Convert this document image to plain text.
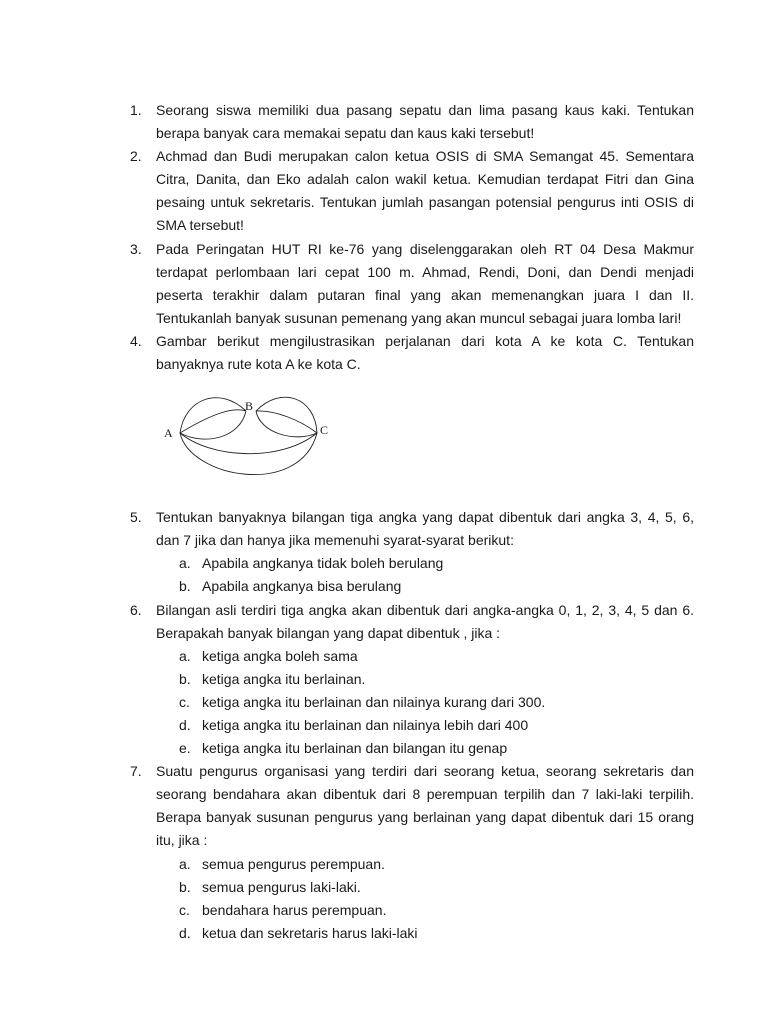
1. Seorang siswa memiliki dua pasang sepatu dan lima pasang kaus kaki. Tentukan berapa banyak cara memakai sepatu dan kaus kaki tersebut!
2. Achmad dan Budi merupakan calon ketua OSIS di SMA Semangat 45. Sementara Citra, Danita, dan Eko adalah calon wakil ketua. Kemudian terdapat Fitri dan Gina pesaing untuk sekretaris. Tentukan jumlah pasangan potensial pengurus inti OSIS di SMA tersebut!
3. Pada Peringatan HUT RI ke-76 yang diselenggarakan oleh RT 04 Desa Makmur terdapat perlombaan lari cepat 100 m. Ahmad, Rendi, Doni, dan Dendi menjadi peserta terakhir dalam putaran final yang akan memenangkan juara I dan II. Tentukanlah banyak susunan pemenang yang akan muncul sebagai juara lomba lari!
4. Gambar berikut mengilustrasikan perjalanan dari kota A ke kota C. Tentukan banyaknya rute kota A ke kota C.
A
B
C
5. Tentukan banyaknya bilangan tiga angka yang dapat dibentuk dari angka 3, 4, 5, 6, dan 7 jika dan hanya jika memenuhi syarat-syarat berikut:
a. Apabila angkanya tidak boleh berulang
b. Apabila angkanya bisa berulang
6. Bilangan asli terdiri tiga angka akan dibentuk dari angka-angka 0, 1, 2, 3, 4, 5 dan 6. Berapakah banyak bilangan yang dapat dibentuk , jika :
a. ketiga angka boleh sama
b. ketiga angka itu berlainan.
c. ketiga angka itu berlainan dan nilainya kurang dari 300.
d. ketiga angka itu berlainan dan nilainya lebih dari 400
e. ketiga angka itu berlainan dan bilangan itu genap
7. Suatu pengurus organisasi yang terdiri dari seorang ketua, seorang sekretaris dan seorang bendahara akan dibentuk dari 8 perempuan terpilih dan 7 laki-laki terpilih. Berapa banyak susunan pengurus yang berlainan yang dapat dibentuk dari 15 orang itu, jika :
a. semua pengurus perempuan.
b. semua pengurus laki-laki.
c. bendahara harus perempuan.
d. ketua dan sekretaris harus laki-laki
